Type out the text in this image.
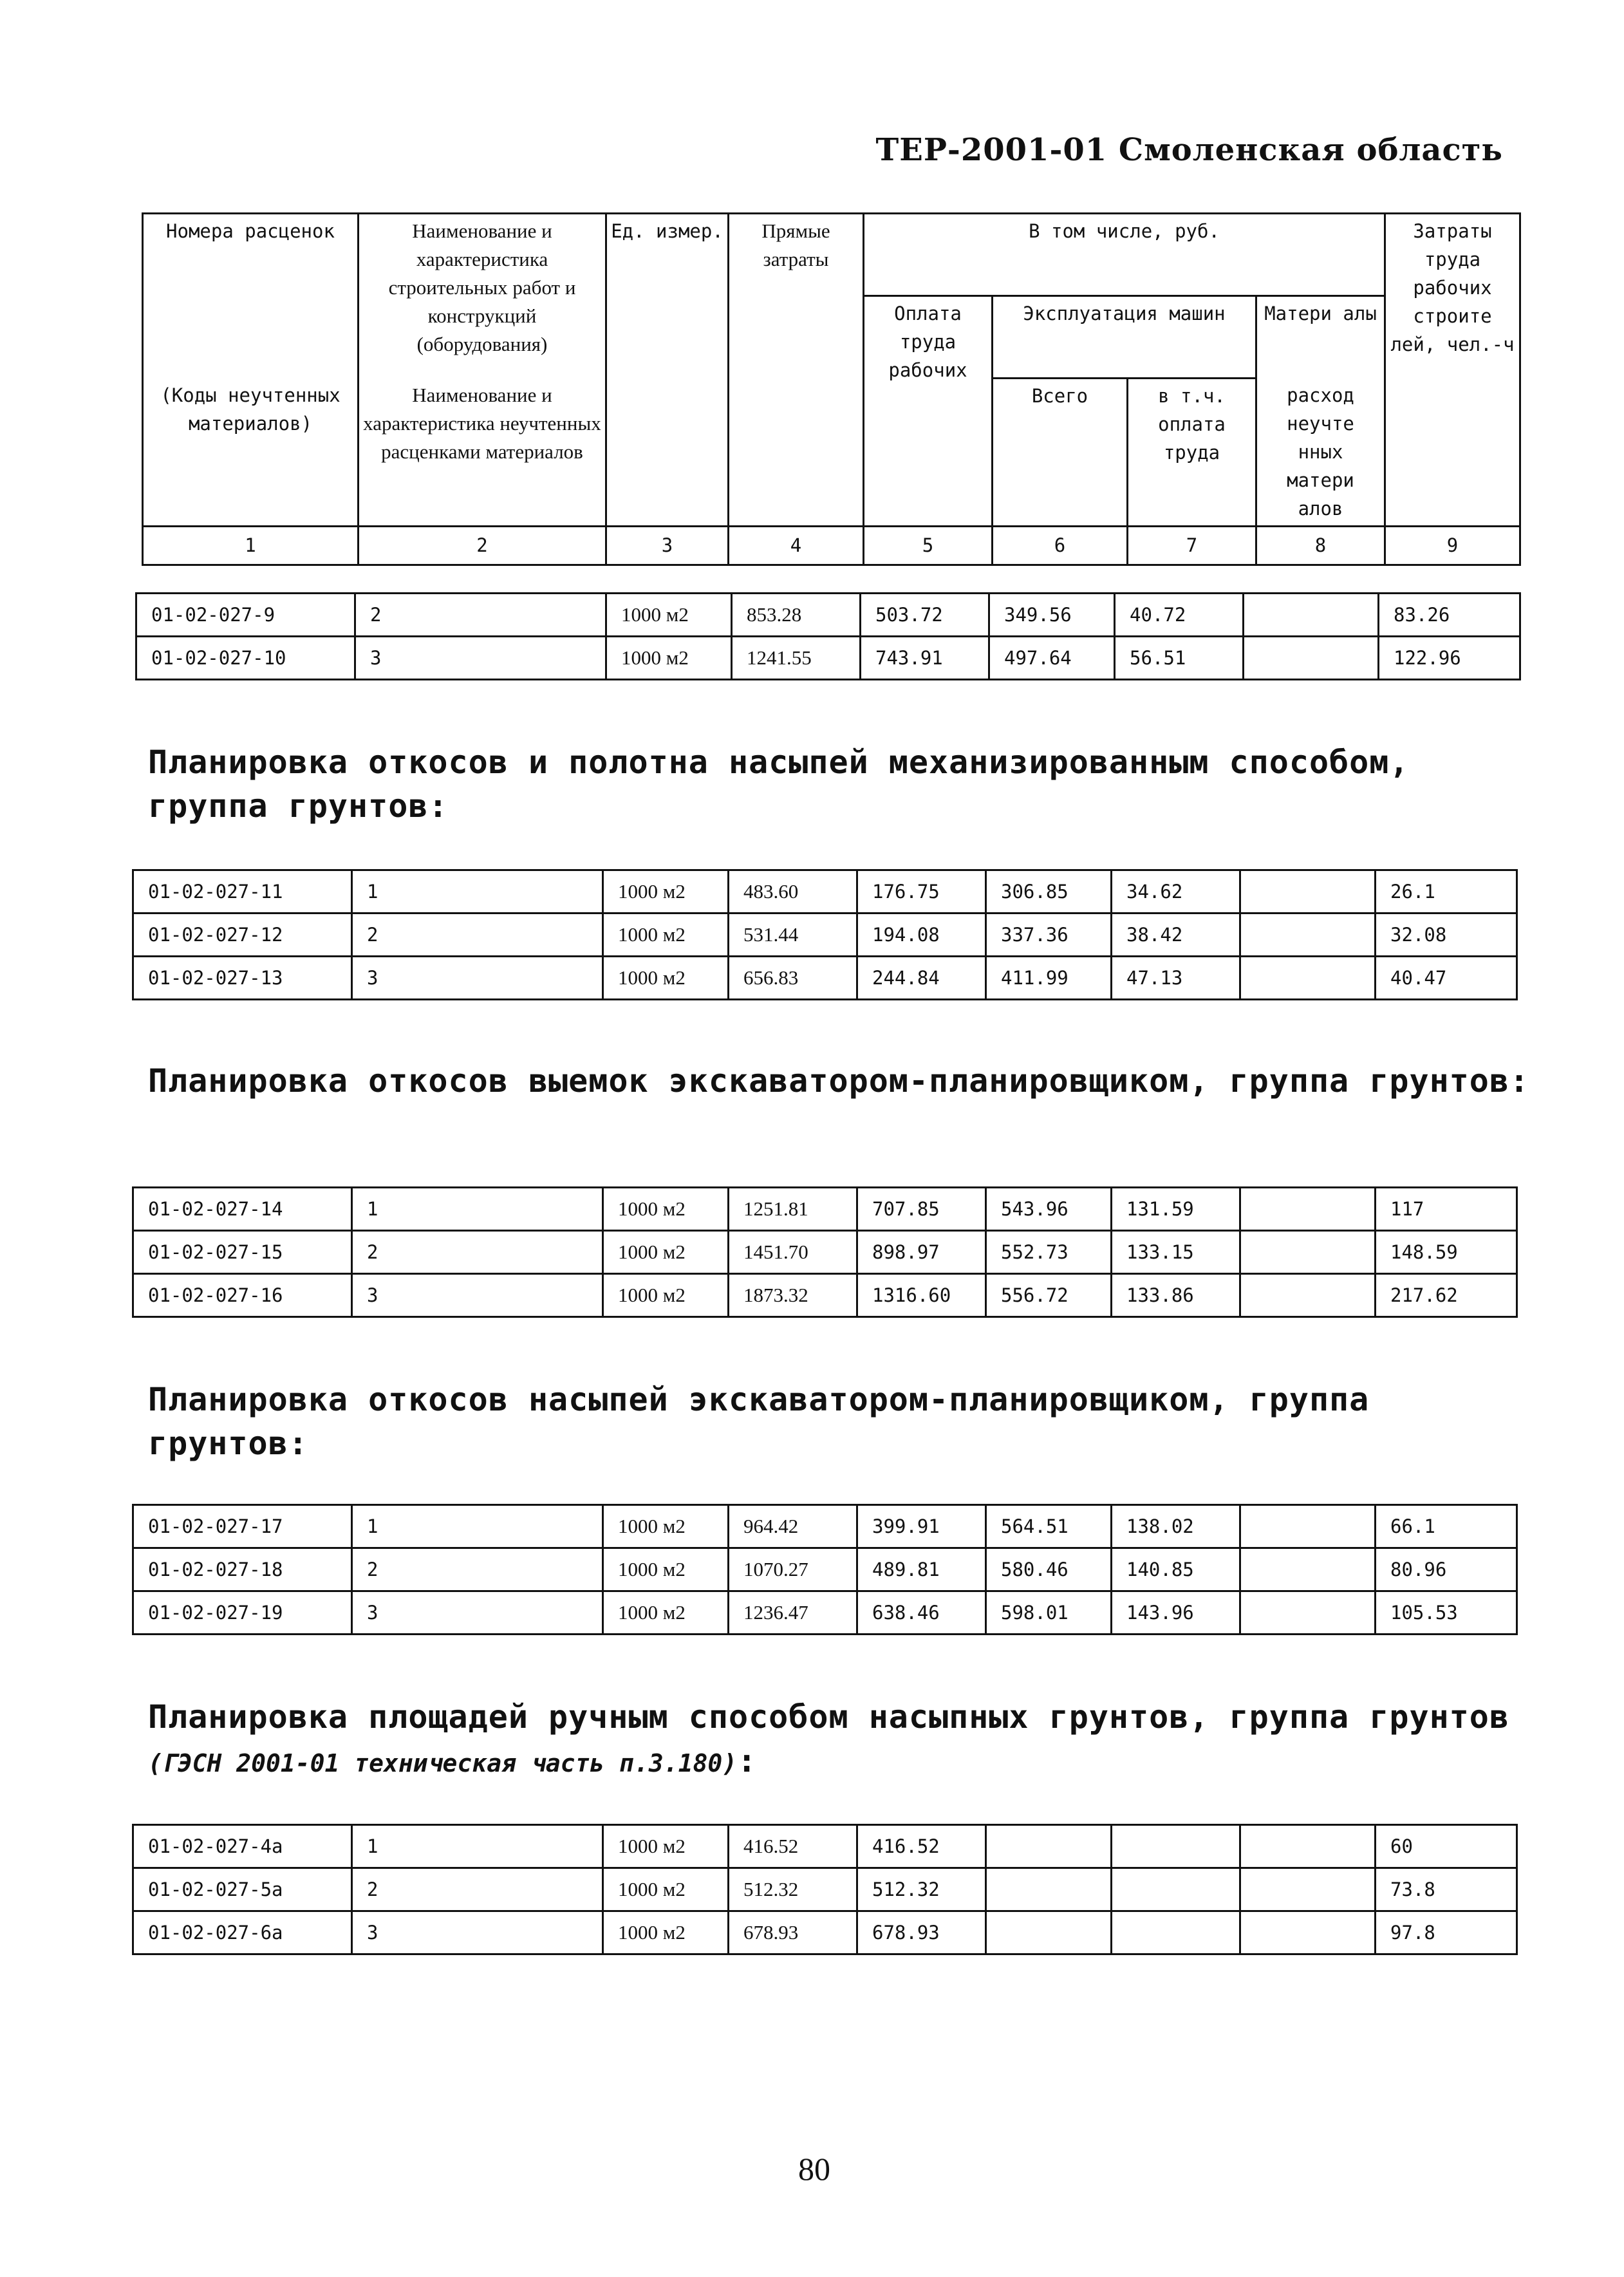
ТЕР-2001-01 Смоленская область
Номера расценок	Наименование и характеристика строительных работ и конструкций (оборудования)	Ед. измер.	Прямые затраты	В том числе, руб.				Затраты труда рабочих строите лей, чел.-ч
				Оплата труда рабочих	Эксплуатация машин		Матери алы	
(Коды неучтенных материалов)	Наименование и характеристика неучтенных расценками материалов				Всего	в т.ч. оплата труда	расход неучте нных матери алов	

1	2	3	4	5	6	7	8	9
01-02-027-9	2	1000 м2	853.28	503.72	349.56	40.72		83.26
01-02-027-10	3	1000 м2	1241.55	743.91	497.64	56.51		122.96
Планировка откосов и полотна насыпей механизированным способом, группа грунтов:
01-02-027-11	1	1000 м2	483.60	176.75	306.85	34.62		26.1
01-02-027-12	2	1000 м2	531.44	194.08	337.36	38.42		32.08
01-02-027-13	3	1000 м2	656.83	244.84	411.99	47.13		40.47
Планировка откосов выемок экскаватором-планировщиком, группа грунтов:
01-02-027-14	1	1000 м2	1251.81	707.85	543.96	131.59		117
01-02-027-15	2	1000 м2	1451.70	898.97	552.73	133.15		148.59
01-02-027-16	3	1000 м2	1873.32	1316.60	556.72	133.86		217.62
Планировка откосов насыпей экскаватором-планировщиком, группа грунтов:
01-02-027-17	1	1000 м2	964.42	399.91	564.51	138.02		66.1
01-02-027-18	2	1000 м2	1070.27	489.81	580.46	140.85		80.96
01-02-027-19	3	1000 м2	1236.47	638.46	598.01	143.96		105.53
Планировка площадей ручным способом насыпных грунтов, группа грунтов (ГЭСН 2001-01 техническая часть п.3.180):
01-02-027-4а	1	1000 м2	416.52	416.52				60
01-02-027-5а	2	1000 м2	512.32	512.32				73.8
01-02-027-6а	3	1000 м2	678.93	678.93				97.8
80
